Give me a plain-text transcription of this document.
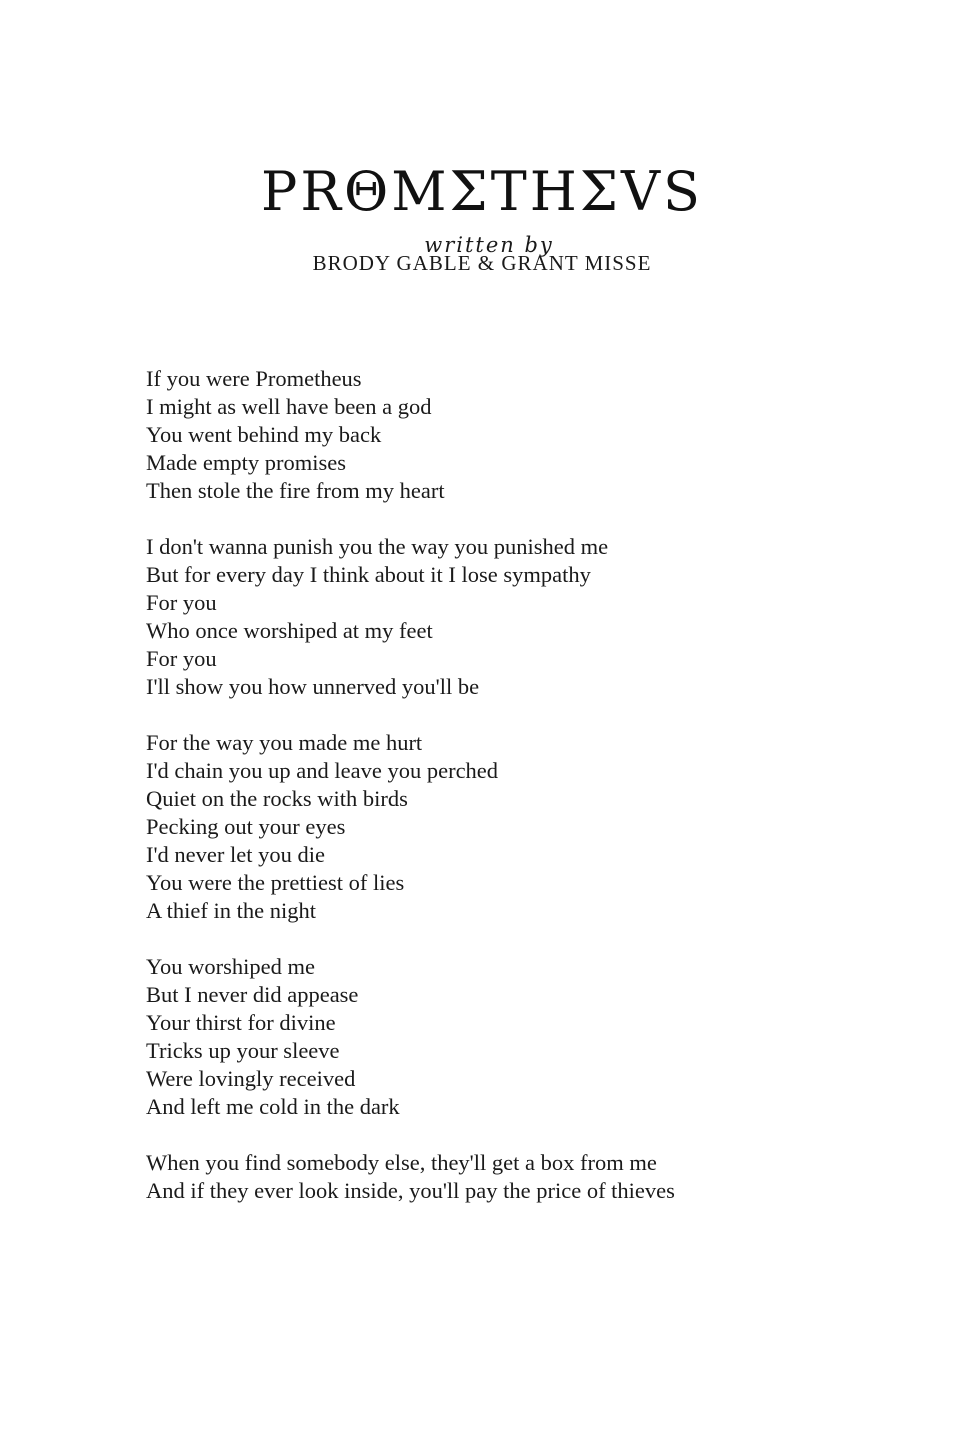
PRΘMΣTHΣVS
written by
BRODY GABLE & GRANT MISSE
If you were Prometheus
I might as well have been a god
You went behind my back
Made empty promises
Then stole the fire from my heart
I don't wanna punish you the way you punished me
But for every day I think about it I lose sympathy
For you
Who once worshiped at my feet
For you
I'll show you how unnerved you'll be
For the way you made me hurt
I'd chain you up and leave you perched
Quiet on the rocks with birds
Pecking out your eyes
I'd never let you die
You were the prettiest of lies
A thief in the night
You worshiped me
But I never did appease
Your thirst for divine
Tricks up your sleeve
Were lovingly received
And left me cold in the dark
When you find somebody else, they'll get a box from me
And if they ever look inside, you'll pay the price of thieves
